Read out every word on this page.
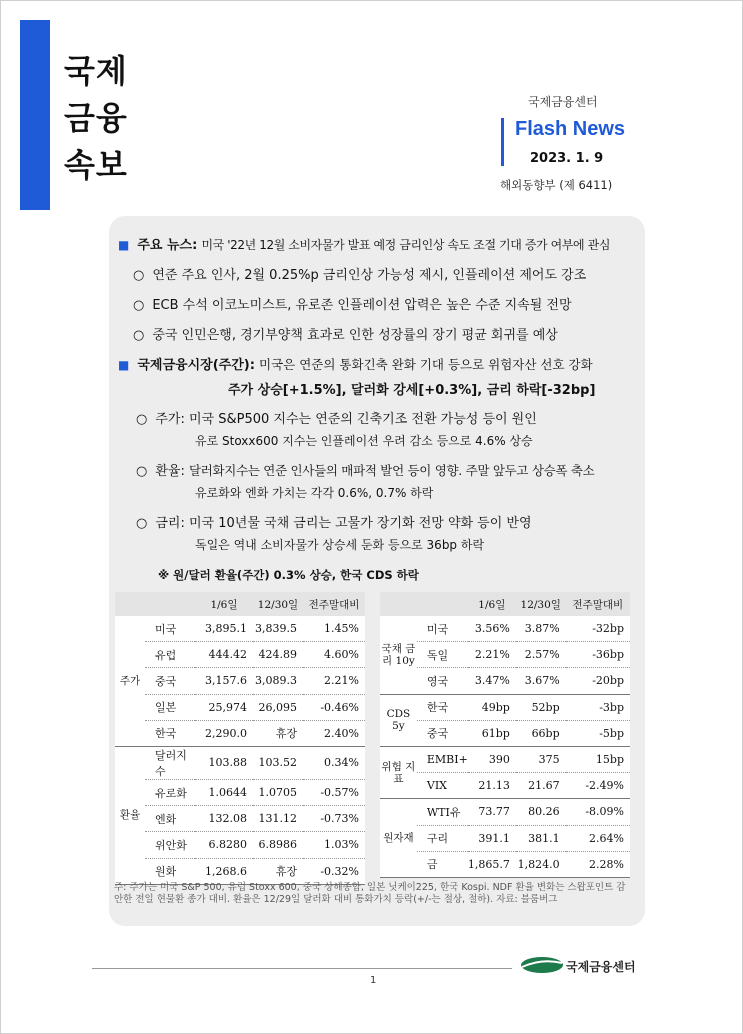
국제
금융
속보
국제금융센터
Flash News
2023. 1. 9
해외동향부 (제 6411)
■ 주요 뉴스: 미국 '22년 12월 소비자물가 발표 예정 금리인상 속도 조절 기대 증가 여부에 관심
○ 연준 주요 인사, 2월 0.25%p 금리인상 가능성 제시, 인플레이션 제어도 강조
○ ECB 수석 이코노미스트, 유로존 인플레이션 압력은 높은 수준 지속될 전망
○ 중국 인민은행, 경기부양책 효과로 인한 성장률의 장기 평균 회귀를 예상
■ 국제금융시장(주간): 미국은 연준의 통화긴축 완화 기대 등으로 위험자산 선호 강화
주가 상승[+1.5%], 달러화 강세[+0.3%], 금리 하락[-32bp]
○ 주가: 미국 S&P500 지수는 연준의 긴축기조 전환 가능성 등이 원인
유로 Stoxx600 지수는 인플레이션 우려 감소 등으로 4.6% 상승
○ 환율: 달러화지수는 연준 인사들의 매파적 발언 등이 영향. 주말 앞두고 상승폭 축소
유로화와 엔화 가치는 각각 0.6%, 0.7% 하락
○ 금리: 미국 10년물 국채 금리는 고물가 장기화 전망 약화 등이 반영
독일은 역내 소비자물가 상승세 둔화 등으로 36bp 하락
※ 원/달러 환율(주간) 0.3% 상승, 한국 CDS 하락
		1/6일	12/30일	전주말대비
주가	미국	3,895.1	3,839.5	1.45%
	유럽	444.42	424.89	4.60%
	중국	3,157.6	3,089.3	2.21%
	일본	25,974	26,095	-0.46%
	한국	2,290.0	휴장	2.40%
환율	달러지수	103.88	103.52	0.34%
	유로화	1.0644	1.0705	-0.57%
	엔화	132.08	131.12	-0.73%
	위안화	6.8280	6.8986	1.03%
	원화	1,268.6	휴장	-0.32%
		1/6일	12/30일	전주말대비
국채 금리 10y	미국	3.56%	3.87%	-32bp
	독일	2.21%	2.57%	-36bp
	영국	3.47%	3.67%	-20bp
CDS 5y	한국	49bp	52bp	-3bp
	중국	61bp	66bp	-5bp
위험 지표	EMBI+	390	375	15bp
	VIX	21.13	21.67	-2.49%
원자재	WTI유	73.77	80.26	-8.09%
	구리	391.1	381.1	2.64%
	금	1,865.7	1,824.0	2.28%
주: 주가는 미국 S&P 500, 유럽 Stoxx 600, 중국 상해종합, 일본 닛케이225, 한국 Kospi. NDF 환율 변화는 스왑포인트 감안한 전일 현물환 종가 대비. 환율은 12/29일 달러화 대비 통화가치 등락(+/-는 절상, 절하). 자료: 블룸버그
1
국제금융센터
